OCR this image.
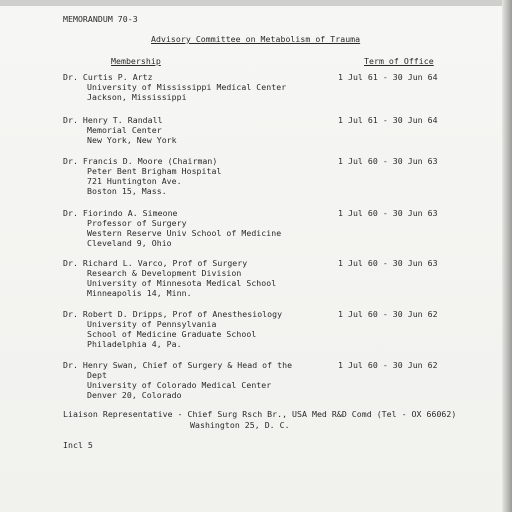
MEMORANDUM 70-3
Advisory Committee on Metabolism of Trauma
Membership	Term of Office
Dr. Curtis P. Artz	1 Jul 61 - 30 Jun 64
University of Mississippi Medical Center
Jackson, Mississippi
Dr. Henry T. Randall	1 Jul 61 - 30 Jun 64
Memorial Center
New York, New York
Dr. Francis D. Moore (Chairman)	1 Jul 60 - 30 Jun 63
Peter Bent Brigham Hospital
721 Huntington Ave.
Boston 15, Mass.
Dr. Fiorindo A. Simeone	1 Jul 60 - 30 Jun 63
Professor of Surgery
Western Reserve Univ School of Medicine
Cleveland 9, Ohio
Dr. Richard L. Varco, Prof of Surgery	1 Jul 60 - 30 Jun 63
Research & Development Division
University of Minnesota Medical School
Minneapolis 14, Minn.
Dr. Robert D. Dripps, Prof of Anesthesiology	1 Jul 60 - 30 Jun 62
University of Pennsylvania
School of Medicine Graduate School
Philadelphia 4, Pa.
Dr. Henry Swan, Chief of Surgery & Head of the	1 Jul 60 - 30 Jun 62
Dept
University of Colorado Medical Center
Denver 20, Colorado
Liaison Representative - Chief Surg Rsch Br., USA Med R&D Comd (Tel - OX 66062)
Washington 25, D. C.
Incl 5
